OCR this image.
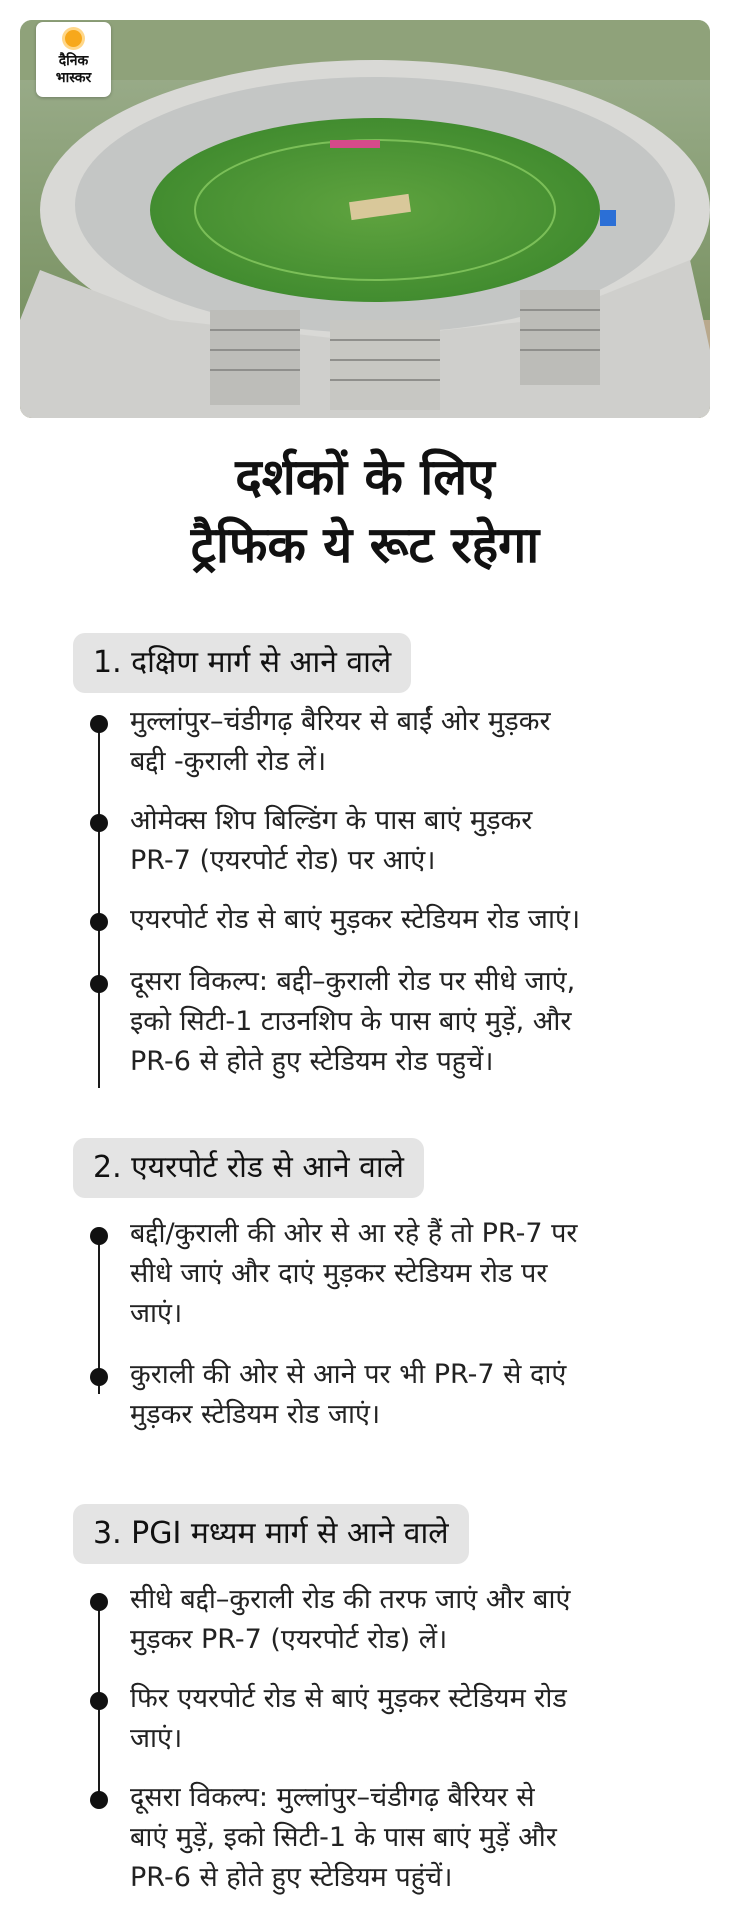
दैनिक
भास्कर
दर्शकों के लिए
ट्रैफिक ये रूट रहेगा
1. दक्षिण मार्ग से आने वाले
मुल्लांपुर–चंडीगढ़ बैरियर से बाईं ओर मुड़कर
बद्दी -कुराली रोड लें।
ओमेक्स शिप बिल्डिंग के पास बाएं मुड़कर
PR-7 (एयरपोर्ट रोड) पर आएं।
एयरपोर्ट रोड से बाएं मुड़कर स्टेडियम रोड जाएं।
दूसरा विकल्प: बद्दी–कुराली रोड पर सीधे जाएं,
इको सिटी-1 टाउनशिप के पास बाएं मुड़ें, और
PR-6 से होते हुए स्टेडियम रोड पहुचें।
2. एयरपोर्ट रोड से आने वाले
बद्दी/कुराली की ओर से आ रहे हैं तो PR-7 पर
सीधे जाएं और दाएं मुड़कर स्टेडियम रोड पर
जाएं।
कुराली की ओर से आने पर भी PR-7 से दाएं
मुड़कर स्टेडियम रोड जाएं।
3. PGI मध्यम मार्ग से आने वाले
सीधे बद्दी–कुराली रोड की तरफ जाएं और बाएं
मुड़कर PR-7 (एयरपोर्ट रोड) लें।
फिर एयरपोर्ट रोड से बाएं मुड़कर स्टेडियम रोड
जाएं।
दूसरा विकल्प: मुल्लांपुर–चंडीगढ़ बैरियर से
बाएं मुड़ें, इको सिटी-1 के पास बाएं मुड़ें और
PR-6 से होते हुए स्टेडियम पहुंचें।
